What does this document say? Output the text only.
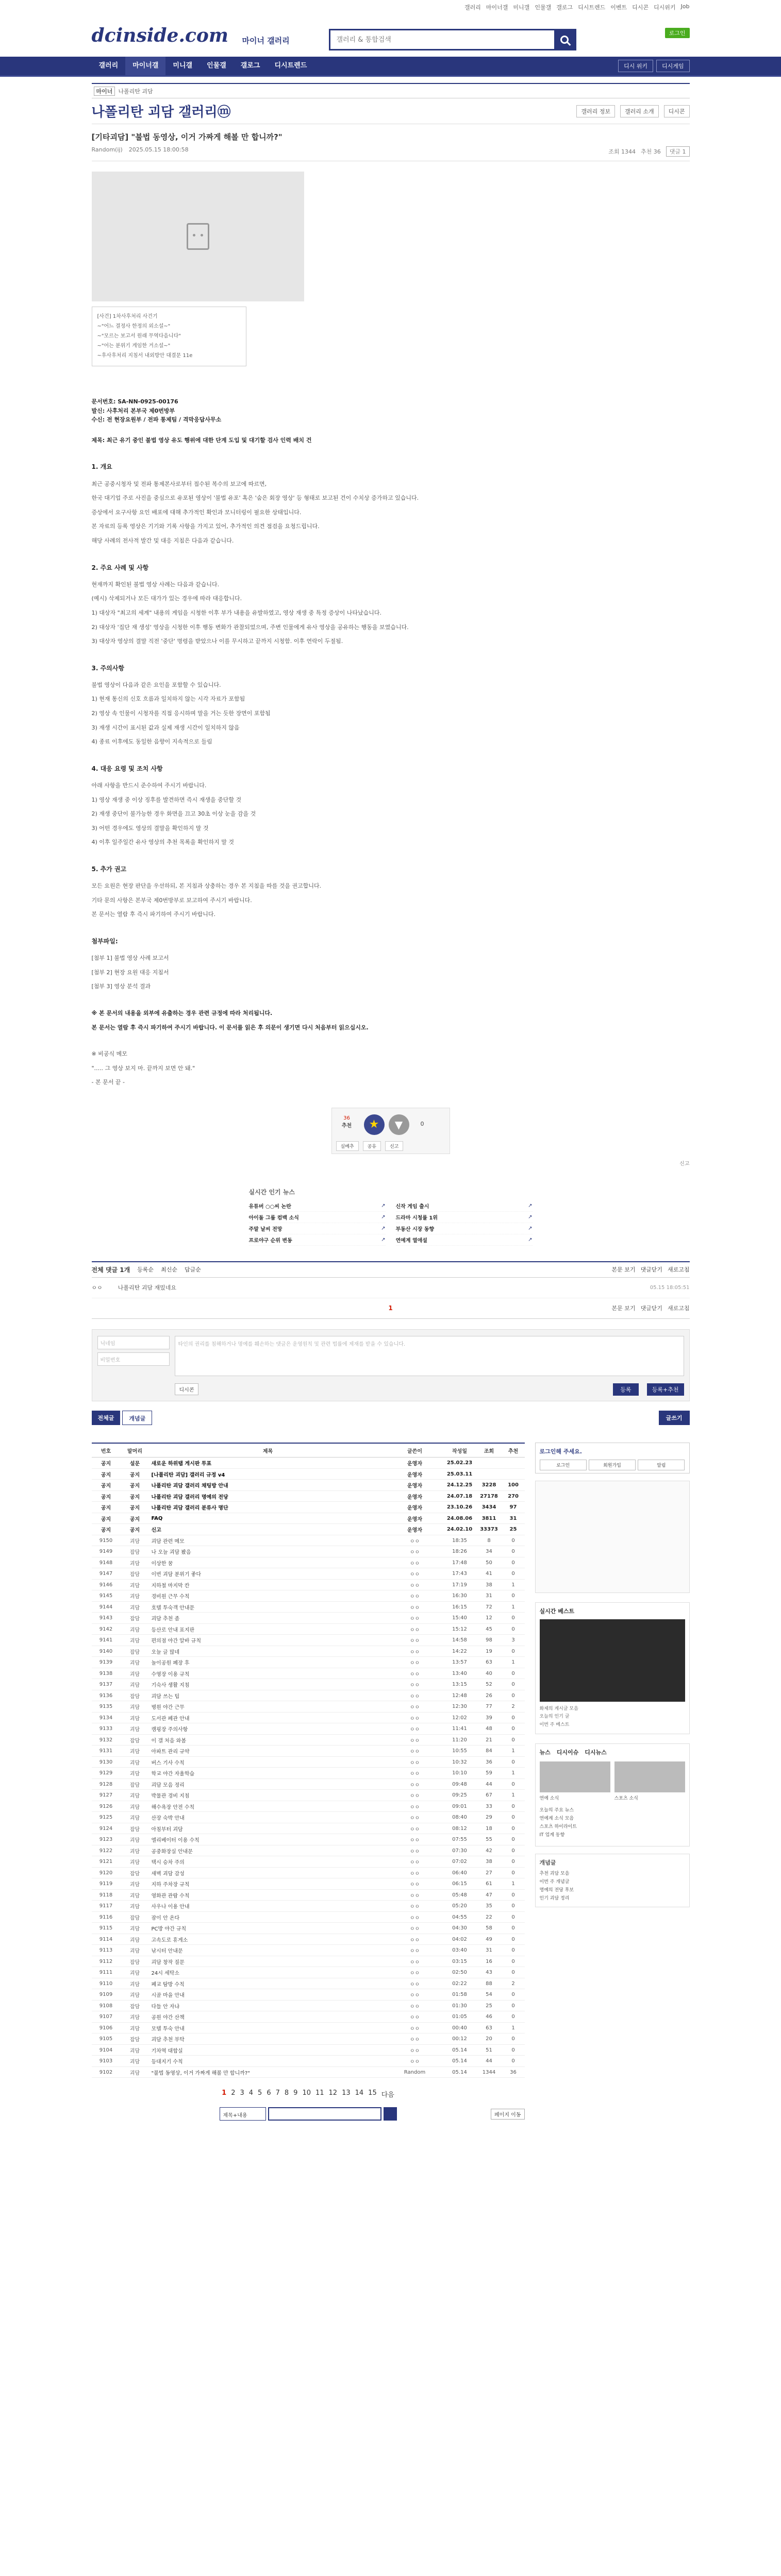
갤러리 마이너갤 미니갤 인물갤 갤로그 디시트렌드 이벤트 디시콘 디시위키 Job
dcinside.com 마이너 갤러리
갤러리 & 통합검색
로그인
갤러리	마이너갤	미니갤	인물갤	갤로그	디시트렌드	디시 위키	디시게임
마이너	나폴리탄 괴담
나폴리탄 괴담 갤러리ⓜ	갤러리 정보	갤러리 소개	디시콘
[기타괴담] "불법 동영상, 이거 가짜게 해볼 만 합니까?"
Random(ij) 2025.05.15 18:00:58	조회 1344 추천 36	댓글 1
[사건] 1차사후처리 사건기
~"어느 결정사 한정의 외소설~"
~"모르는 보고서 원래 무역다음니다"
~"어는 분위기 게임한 거소설~"
~후사후처리 지침서 내외방안 대결문 11e
문서번호: SA-NN-0925-00176
발신: 사후처리 본부국 제0번방부
수신: 전 현장요원부 / 전파 통제팀 / 격막응답사무소

제목: 최근 유기 중인 불법 영상 유도 행위에 대한 단계 도입 및 대기할 검사 인력 배치 건

1. 개요

최근 공중시청자 및 전파 통제본사로부터 접수된 복수의 보고에 따르면,

한국 대기업 주로 사진을 중심으로 유포된 영상이 '불법 유포' 혹은 '숨은 회장 영상' 등 형태로 보고된 건이 수치상 증가하고 있습니다.

증상에서 요구사항 요인 배포에 대해 추가적인 확인과 모니터링이 필요한 상태입니다.

본 자료의 등록 영상은 기기와 기록 사항을 가지고 있어, 추가적인 의견 점검을 요청드립니다.

해당 사례의 전사적 발간 및 대응 지침은 다음과 같습니다.

2. 주요 사례 및 사항

현재까지 확인된 불법 영상 사례는 다음과 같습니다.

(예시) 삭제되거나 모든 대가가 있는 경우에 따라 대응합니다.

1) 대상자 "최고의 세계" 내용의 게임을 시청한 이후 부가 내용을 유발하였고, 영상 재생 중 특정 증상이 나타났습니다.

2) 대상자 '집단 재 생성' 영상을 시청한 이후 행동 변화가 관찰되었으며, 주변 인물에게 유사 영상을 공유하는 행동을 보였습니다.

3) 대상자 영상의 결말 직전 '중단' 명령을 받았으나 이를 무시하고 끝까지 시청함. 이후 연락이 두절됨.

3. 주의사항

불법 영상이 다음과 같은 요인을 포함할 수 있습니다.

1) 현재 통신의 신호 흐름과 일치하지 않는 시각 자료가 포함됨

2) 영상 속 인물이 시청자를 직접 응시하며 말을 거는 듯한 장면이 포함됨

3) 재생 시간이 표시된 값과 실제 재생 시간이 일치하지 않음

4) 종료 이후에도 동일한 음향이 지속적으로 들림

4. 대응 요령 및 조치 사항

아래 사항을 반드시 준수하여 주시기 바랍니다.

1) 영상 재생 중 이상 징후를 발견하면 즉시 재생을 중단할 것

2) 재생 중단이 불가능한 경우 화면을 끄고 30초 이상 눈을 감을 것

3) 어떤 경우에도 영상의 결말을 확인하지 말 것

4) 이후 일주일간 유사 영상의 추천 목록을 확인하지 말 것

5. 추가 권고

모든 요원은 현장 판단을 우선하되, 본 지침과 상충하는 경우 본 지침을 따를 것을 권고합니다.

기타 문의 사항은 본부국 제0번방부로 보고하여 주시기 바랍니다.

본 문서는 열람 후 즉시 파기하여 주시기 바랍니다.

첨부파일:

[첨부 1] 불법 영상 사례 보고서

[첨부 2] 현장 요원 대응 지침서

[첨부 3] 영상 분석 결과

※ 본 문서의 내용을 외부에 유출하는 경우 관련 규정에 따라 처리됩니다.

본 문서는 열람 후 즉시 파기하여 주시기 바랍니다. 이 문서를 읽은 후 의문이 생기면 다시 처음부터 읽으십시오.

※ 비공식 메모

"..... 그 영상 보지 마. 끝까지 보면 안 돼."

- 본 문서 끝 -

36
추천 ★ ▼	0
실베추	공유	신고
신고
실시간 인기 뉴스
유튜버 ○○씨 논란	↗
아이돌 그룹 컴백 소식	↗
주말 날씨 전망	↗
프로야구 순위 변동	↗
신작 게임 출시	↗
드라마 시청률 1위	↗
부동산 시장 동향	↗
연예계 열애설	↗
전체 댓글 1개 등록순 최신순 답글순	본문 보기 댓글닫기 새로고침
ㅇㅇ	나폴리탄 괴담 재밌네요	05.15 18:05:51
1	본문 보기 댓글닫기 새로고침
닉네임
비밀번호
타인의 권리를 침해하거나 명예를 훼손하는 댓글은 운영원칙 및 관련 법률에 제재를 받을 수 있습니다.
디시콘	등록	등록+추천
전체글	개념글	글쓰기
번호	말머리	제목	글쓴이	작성일	조회	추천
공지	설문	새로운 하위탭 게시판 투표	운영자	25.02.23		
공지	공지	[나폴리탄 괴담] 갤러리 규정 v4	운영자	25.03.11		
공지	공지	나폴리탄 괴담 갤러리 채팅방 안내	운영자	24.12.25	3228	100
공지	공지	나폴리탄 괴담 갤러리 명예의 전당	운영자	24.07.18	27178	270
공지	공지	나폴리탄 괴담 갤러리 분류사 명단	운영자	23.10.26	3434	97
공지	공지	FAQ	운영자	24.08.06	3811	31
공지	공지	신고	운영자	24.02.10	33373	25
9150	괴담	괴담 관련 메모	ㅇㅇ	18:35	8	0
9149	잡담	나 오늘 괴담 봤음	ㅇㅇ	18:26	34	0
9148	괴담	이상한 꿈	ㅇㅇ	17:48	50	0
9147	잡담	이번 괴담 분위기 좋다	ㅇㅇ	17:43	41	0
9146	괴담	지하철 마지막 칸	ㅇㅇ	17:19	38	1
9145	괴담	경비원 근무 수칙	ㅇㅇ	16:30	31	0
9144	괴담	호텔 투숙객 안내문	ㅇㅇ	16:15	72	1
9143	잡담	괴담 추천 좀	ㅇㅇ	15:40	12	0
9142	괴담	등산로 안내 표지판	ㅇㅇ	15:12	45	0
9141	괴담	편의점 야간 알바 규칙	ㅇㅇ	14:58	98	3
9140	잡담	오늘 글 많네	ㅇㅇ	14:22	19	0
9139	괴담	놀이공원 폐장 후	ㅇㅇ	13:57	63	1
9138	괴담	수영장 이용 규칙	ㅇㅇ	13:40	40	0
9137	괴담	기숙사 생활 지침	ㅇㅇ	13:15	52	0
9136	잡담	괴담 쓰는 팁	ㅇㅇ	12:48	26	0
9135	괴담	병원 야간 근무	ㅇㅇ	12:30	77	2
9134	괴담	도서관 폐관 안내	ㅇㅇ	12:02	39	0
9133	괴담	캠핑장 주의사항	ㅇㅇ	11:41	48	0
9132	잡담	이 갤 처음 와봄	ㅇㅇ	11:20	21	0
9131	괴담	아파트 관리 규약	ㅇㅇ	10:55	84	1
9130	괴담	버스 기사 수칙	ㅇㅇ	10:32	36	0
9129	괴담	학교 야간 자율학습	ㅇㅇ	10:10	59	1
9128	잡담	괴담 모음 정리	ㅇㅇ	09:48	44	0
9127	괴담	박물관 경비 지침	ㅇㅇ	09:25	67	1
9126	괴담	해수욕장 안전 수칙	ㅇㅇ	09:01	33	0
9125	괴담	산장 숙박 안내	ㅇㅇ	08:40	29	0
9124	잡담	아침부터 괴담	ㅇㅇ	08:12	18	0
9123	괴담	엘리베이터 이용 수칙	ㅇㅇ	07:55	55	0
9122	괴담	공중화장실 안내문	ㅇㅇ	07:30	42	0
9121	괴담	택시 승차 주의	ㅇㅇ	07:02	38	0
9120	잡담	새벽 괴담 감성	ㅇㅇ	06:40	27	0
9119	괴담	지하 주차장 규칙	ㅇㅇ	06:15	61	1
9118	괴담	영화관 관람 수칙	ㅇㅇ	05:48	47	0
9117	괴담	사우나 이용 안내	ㅇㅇ	05:20	35	0
9116	잡담	잠이 안 온다	ㅇㅇ	04:55	22	0
9115	괴담	PC방 야간 규칙	ㅇㅇ	04:30	58	0
9114	괴담	고속도로 휴게소	ㅇㅇ	04:02	49	0
9113	괴담	낚시터 안내문	ㅇㅇ	03:40	31	0
9112	잡담	괴담 창작 질문	ㅇㅇ	03:15	16	0
9111	괴담	24시 세탁소	ㅇㅇ	02:50	43	0
9110	괴담	폐교 탐방 수칙	ㅇㅇ	02:22	88	2
9109	괴담	시골 마을 안내	ㅇㅇ	01:58	54	0
9108	잡담	다들 안 자냐	ㅇㅇ	01:30	25	0
9107	괴담	공원 야간 산책	ㅇㅇ	01:05	46	0
9106	괴담	모텔 투숙 안내	ㅇㅇ	00:40	63	1
9105	잡담	괴담 추천 부탁	ㅇㅇ	00:12	20	0
9104	괴담	기차역 대합실	ㅇㅇ	05.14	51	0
9103	괴담	등대지기 수칙	ㅇㅇ	05.14	44	0
9102	괴담	"불법 동영상, 이거 가짜게 해볼 만 합니까?"	Random	05.14	1344	36
1 2 3 4 5 6 7 8 9 10 11 12 13 14 15 다음
제목+내용	페이지 이동
로그인해 주세요.
로그인	회원가입	알림
실시간 베스트

화제의 게시글 모음

오늘의 인기 글

이번 주 베스트

뉴스 디시이슈 디시뉴스
연예 소식	스포츠 소식
오늘의 주요 뉴스
연예계 소식 모음
스포츠 하이라이트
IT 업계 동향
개념글
추천 괴담 모음
이번 주 개념글
명예의 전당 후보
인기 괴담 정리
